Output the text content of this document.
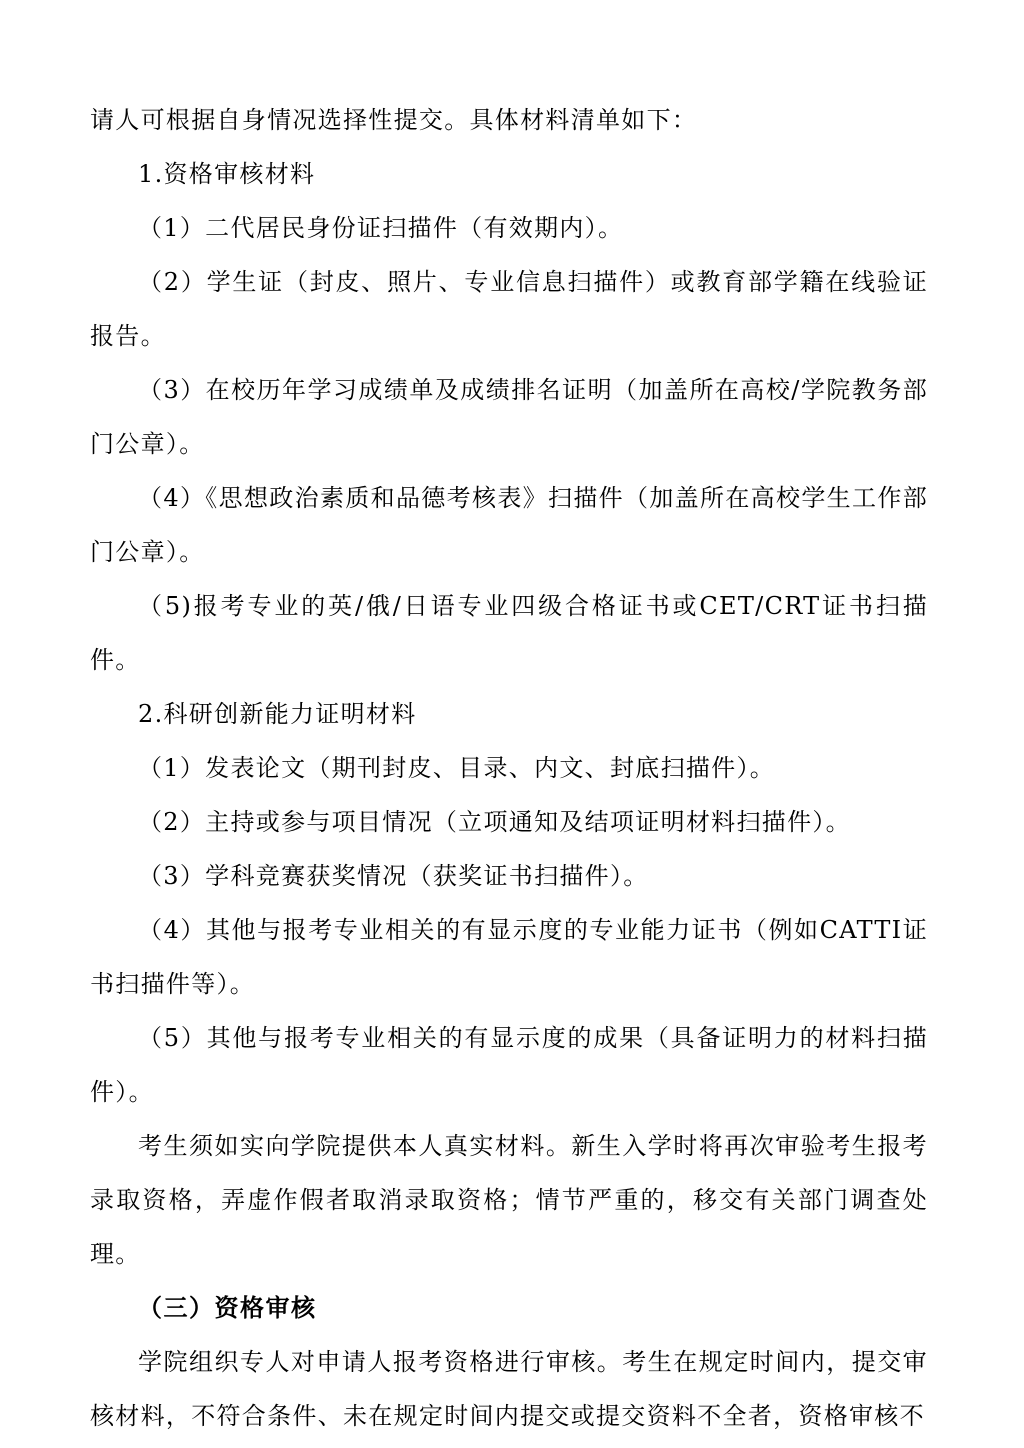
请人可根据自身情况选择性提交。具体材料清单如下：

1.资格审核材料

（1）二代居民身份证扫描件（有效期内）。

（2）学生证（封皮、照片、专业信息扫描件）或教育部学籍在线验证报告。

（3）在校历年学习成绩单及成绩排名证明（加盖所在高校/学院教务部门公章）。

（4）《思想政治素质和品德考核表》扫描件（加盖所在高校学生工作部门公章）。

（5)报考专业的英/俄/日语专业四级合格证书或CET/CRT证书扫描件。

2.科研创新能力证明材料

（1）发表论文（期刊封皮、目录、内文、封底扫描件）。

（2）主持或参与项目情况（立项通知及结项证明材料扫描件）。

（3）学科竞赛获奖情况（获奖证书扫描件）。

（4）其他与报考专业相关的有显示度的专业能力证书（例如CATTI证书扫描件等）。

（5）其他与报考专业相关的有显示度的成果（具备证明力的材料扫描件）。

考生须如实向学院提供本人真实材料。新生入学时将再次审验考生报考录取资格，弄虚作假者取消录取资格；情节严重的，移交有关部门调查处理。

（三）资格审核

学院组织专人对申请人报考资格进行审核。考生在规定时间内，提交审核材料，不符合条件、未在规定时间内提交或提交资料不全者，资格审核不
